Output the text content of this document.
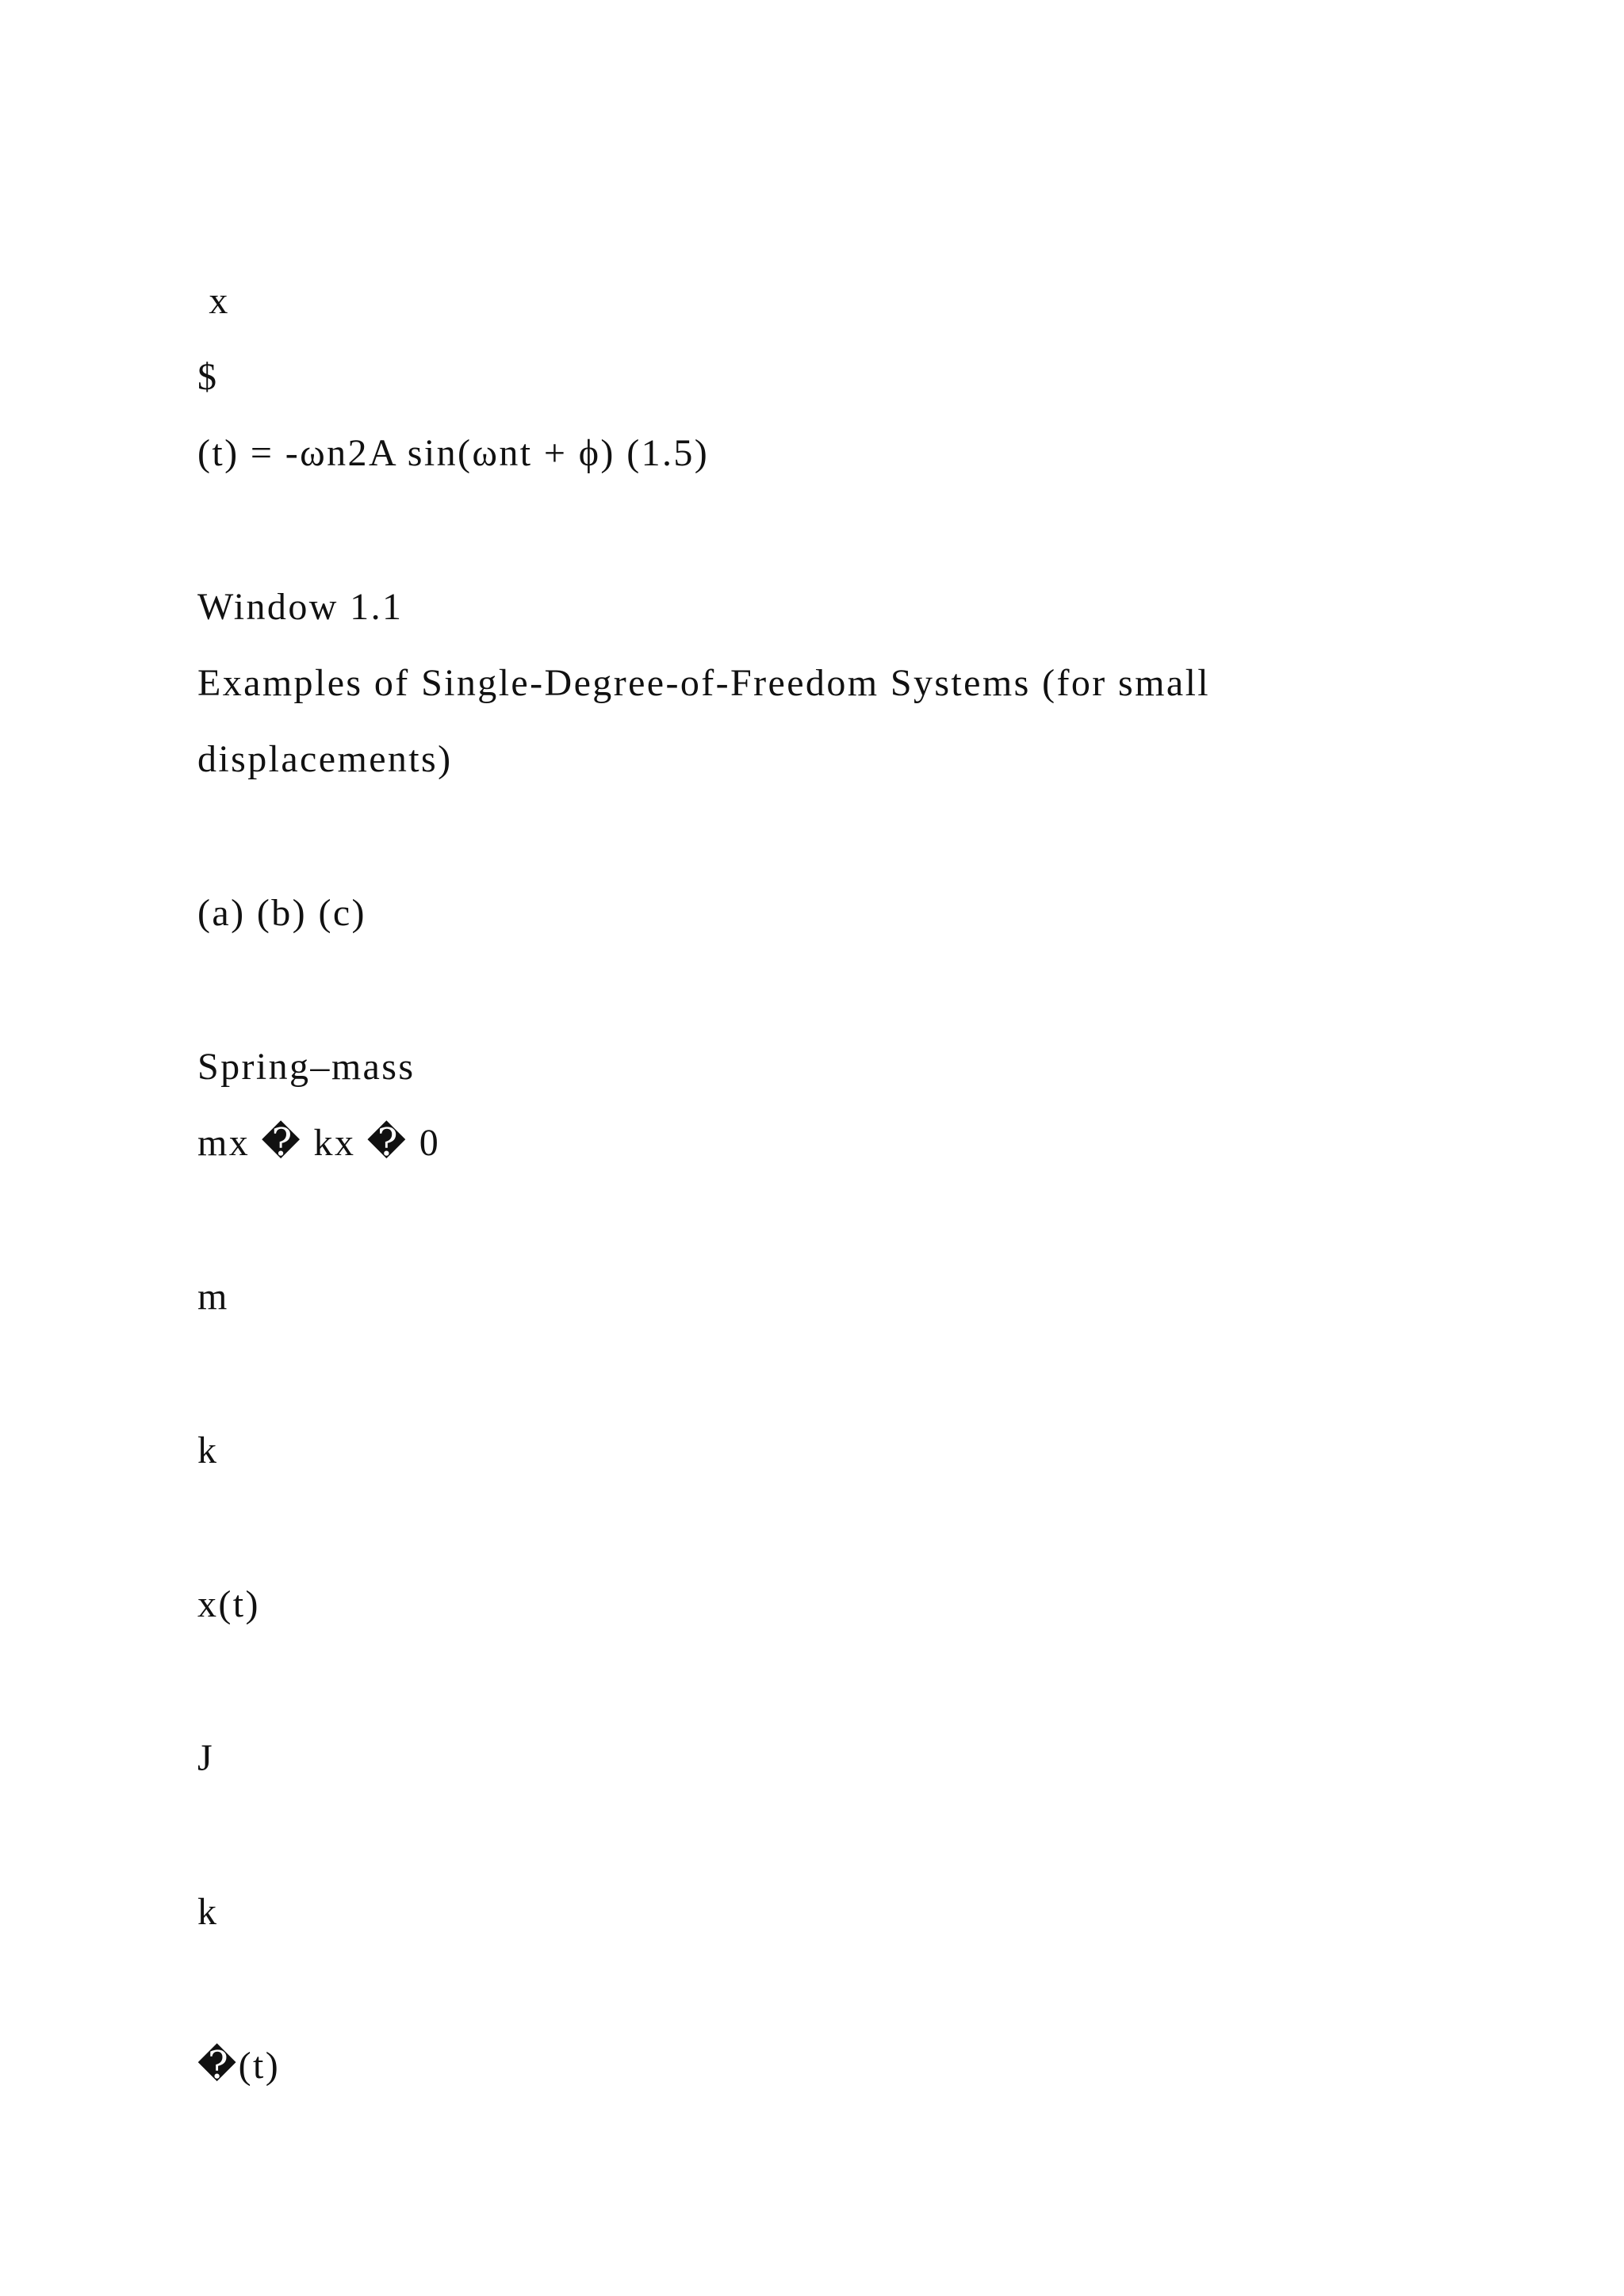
x

$

(t) = -ωn2A sin(ωnt + ϕ) (1.5)

Window 1.1

Examples of Single-Degree-of-Freedom Systems (for small

displacements)

(a) (b) (c)

Spring–mass

mx � kx � 0

m

k

x(t)

J

k

�(t)
